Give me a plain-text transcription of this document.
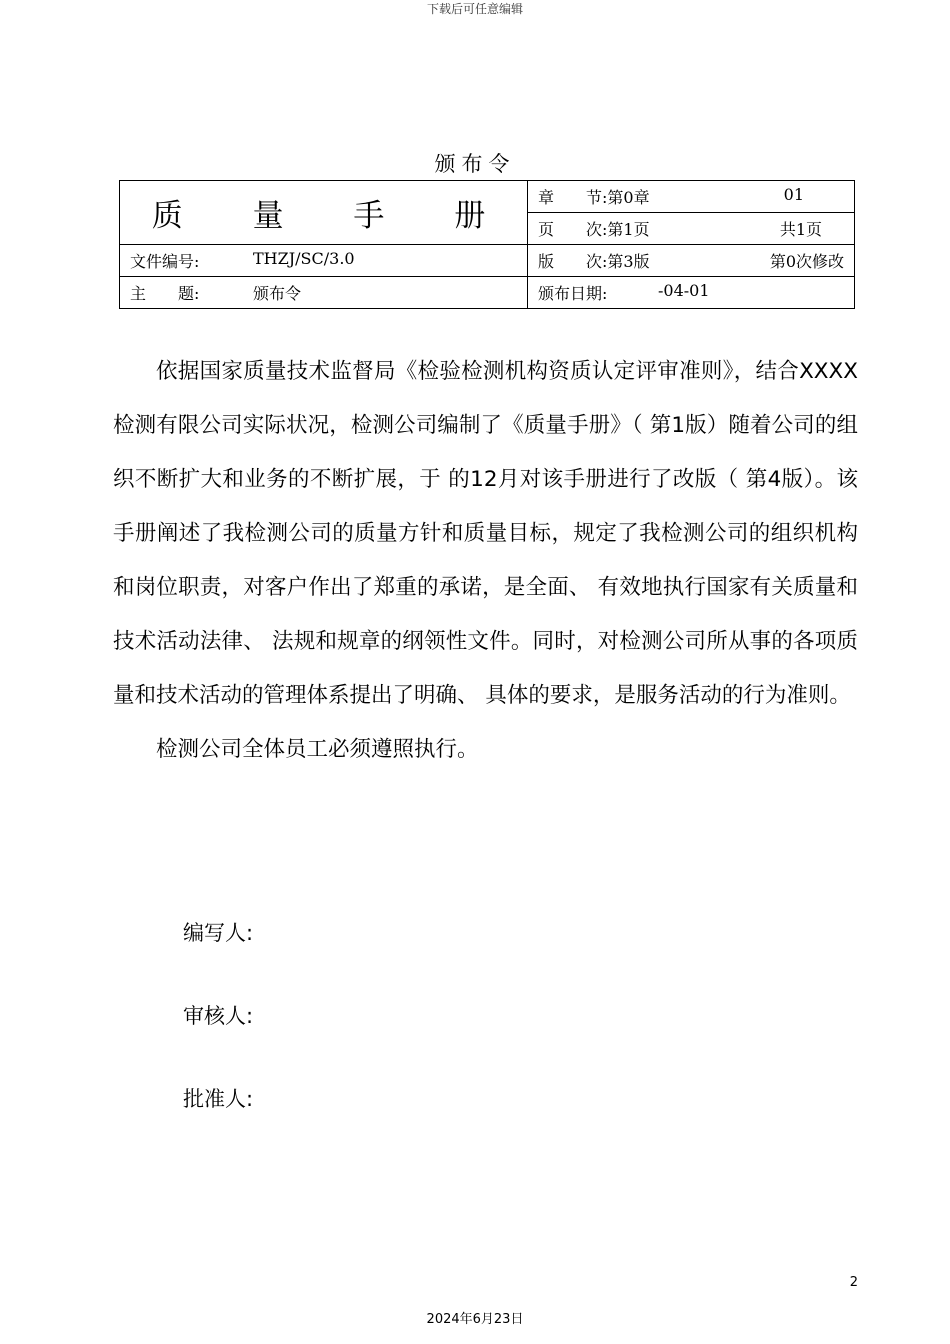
下载后可任意编辑
颁布令
质 量 手 册	章　　节: 第0章 01

	页　　次: 第1页 共1页

文件编号: THZJ/SC/3.0	版　　次: 第3版 第0次修改

主　　题: 颁布令	颁布日期: -04-01

依据国家质量技术监督局《检验检测机构资质认定评审准则》，结合XXXX检测有限公司实际状况，检测公司编制了《质量手册》（ 第1版）随着公司的组织不断扩大和业务的不断扩展，于 的12月对该手册进行了改版（ 第4版）。该手册阐述了我检测公司的质量方针和质量目标，规定了我检测公司的组织机构和岗位职责，对客户作出了郑重的承诺，是全面、 有效地执行国家有关质量和技术活动法律、 法规和规章的纲领性文件。同时，对检测公司所从事的各项质量和技术活动的管理体系提出了明确、 具体的要求，是服务活动的行为准则。

检测公司全体员工必须遵照执行。

编写人:
审核人:
批准人:
2
2024年6月23日
